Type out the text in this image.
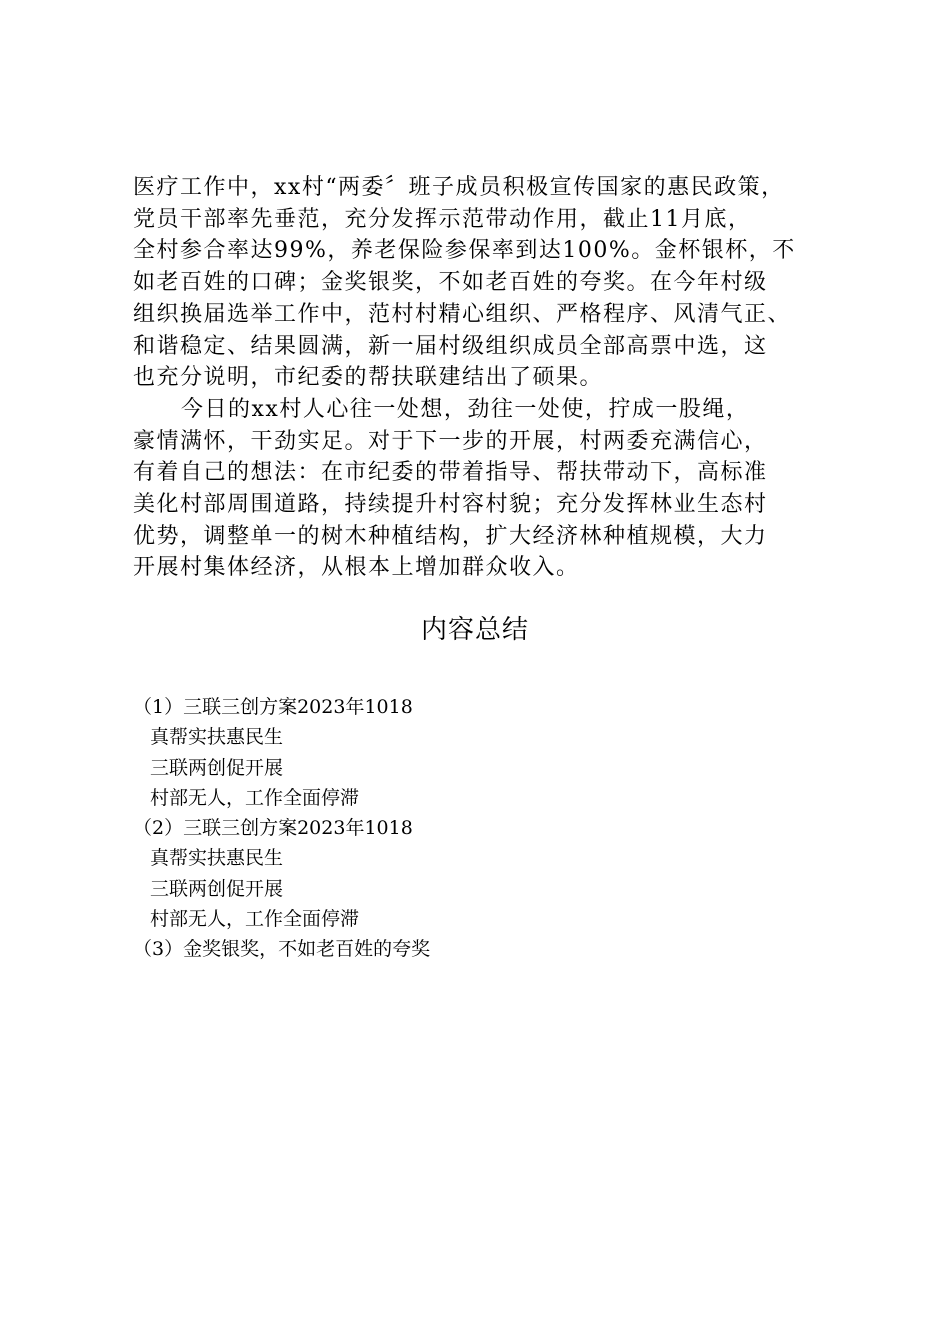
医疗工作中，xx村“两委〞班子成员积极宣传国家的惠民政策，
党员干部率先垂范，充分发挥示范带动作用，截止11月底，
全村参合率达99%，养老保险参保率到达100%。金杯银杯，不
如老百姓的口碑；金奖银奖，不如老百姓的夸奖。在今年村级
组织换届选举工作中，范村村精心组织、严格程序、风清气正、
和谐稳定、结果圆满，新一届村级组织成员全部高票中选，这
也充分说明，市纪委的帮扶联建结出了硕果。
今日的xx村人心往一处想，劲往一处使，拧成一股绳，
豪情满怀，干劲实足。对于下一步的开展，村两委充满信心，
有着自己的想法：在市纪委的带着指导、帮扶带动下，高标准
美化村部周围道路，持续提升村容村貌；充分发挥林业生态村
优势，调整单一的树木种植结构，扩大经济林种植规模，大力
开展村集体经济，从根本上增加群众收入。
内容总结
（1）三联三创方案2023年1018
真帮实扶惠民生
三联两创促开展
村部无人，工作全面停滞
（2）三联三创方案2023年1018
真帮实扶惠民生
三联两创促开展
村部无人，工作全面停滞
（3）金奖银奖，不如老百姓的夸奖
